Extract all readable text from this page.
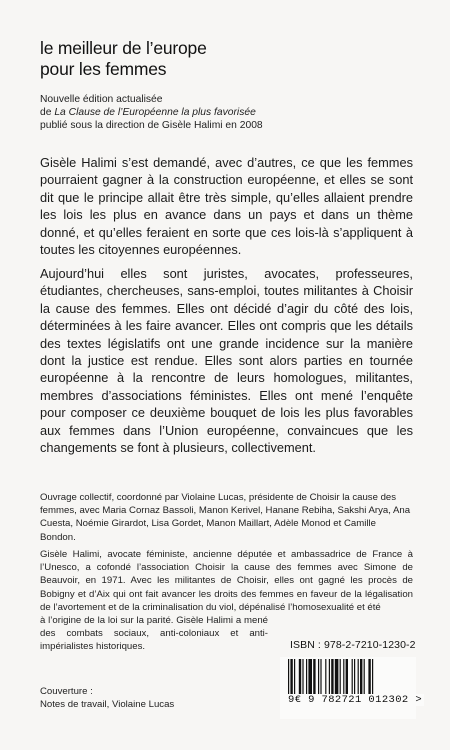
le meilleur de l’europe
pour les femmes
Nouvelle édition actualisée
de La Clause de l’Européenne la plus favorisée
publié sous la direction de Gisèle Halimi en 2008
Gisèle Halimi s’est demandé, avec d’autres, ce que les femmes pourraient gagner à la construction européenne, et elles se sont dit que le principe allait être très simple, qu’elles allaient prendre les lois les plus en avance dans un pays et dans un thème donné, et qu’elles feraient en sorte que ces lois-là s’appliquent à toutes les citoyennes européennes.
Aujourd’hui elles sont juristes, avocates, professeures, étudiantes, chercheuses, sans-emploi, toutes militantes à Choisir la cause des femmes. Elles ont décidé d’agir du côté des lois, déterminées à les faire avancer. Elles ont compris que les détails des textes législatifs ont une grande incidence sur la manière dont la justice est rendue. Elles sont alors parties en tournée européenne à la rencontre de leurs homologues, militantes, membres d’associations féministes. Elles ont mené l’enquête pour composer ce deuxième bouquet de lois les plus favorables aux femmes dans l’Union européenne, convaincues que les changements se font à plusieurs, collectivement.
Ouvrage collectif, coordonné par Violaine Lucas, présidente de Choisir la cause des femmes, avec Maria Cornaz Bassoli, Manon Kerivel, Hanane Rebiha, Sakshi Arya, Ana Cuesta, Noémie Girardot, Lisa Gordet, Manon Maillart, Adèle Monod et Camille Bondon.
Gisèle Halimi, avocate féministe, ancienne députée et ambassadrice de France à l’Unesco, a cofondé l’association Choisir la cause des femmes avec Simone de Beauvoir, en 1971. Avec les militantes de Choisir, elles ont gagné les procès de Bobigny et d’Aix qui ont fait avancer les droits des femmes en faveur de la légalisation de l’avortement et de la criminalisation du viol, dépénalisé l’homosexualité et été
à l’origine de la loi sur la parité. Gisèle Halimi a mené des combats sociaux, anti-coloniaux et anti-impérialistes historiques.	ISBN : 978-2-7210-1230-2
9€ 9 782721 012302 >
Couverture :
Notes de travail, Violaine Lucas
